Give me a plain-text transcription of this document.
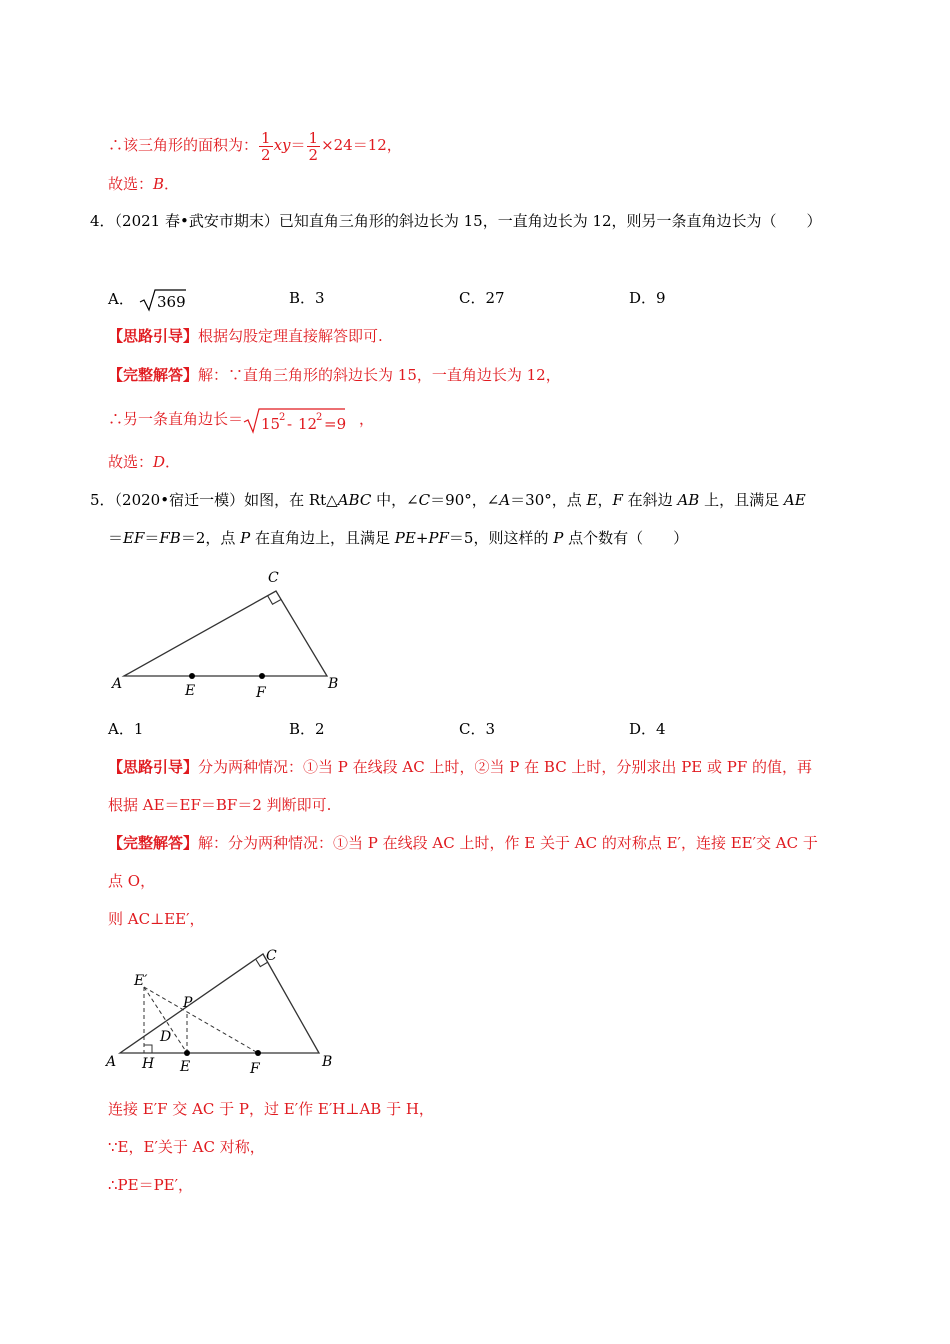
∴该三角形的面积为： $\frac{1}{2} xy= \frac{1}{2} \times 24=12$，
故选：B．
4．（2021 春•武安市期末）已知直角三角形的斜边长为 15，一直角边长为 12，则另一条直角边长为（　　）
A． 369	B．3	C．27	D．9
【思路引导】根据勾股定理直接解答即可.
【完整解答】解：∵直角三角形的斜边长为 15，一直角边长为 12，
∴另一条直角边长＝ 15
2 - 12
2 =9 ，
故选：D．
5．（2020•宿迁一模）如图，在 Rt△ABC 中，∠C＝90°，∠A＝30°，点 E，F 在斜边 AB 上，且满足 AE
＝EF＝FB＝2，点 P 在直角边上，且满足 PE+PF＝5，则这样的 P 点个数有（　　）
A	B
C
E	F
A．1	B．2	C．3	D．4
【思路引导】分为两种情况：①当 P 在线段 AC 上时，②当 P 在 BC 上时，分别求出 PE 或 PF 的值，再
根据 AE＝EF＝BF＝2 判断即可.
【完整解答】解：分为两种情况：①当 P 在线段 AC 上时，作 E 关于 AC 的对称点 E′，连接 EE′交 AC 于
点 O，
则 AC⊥EE′，
A	B
C
E′
P
D
H E	F
连接 E′F 交 AC 于 P，过 E′作 E′H⊥AB 于 H，
∵E，E′关于 AC 对称，
∴PE＝PE′，
